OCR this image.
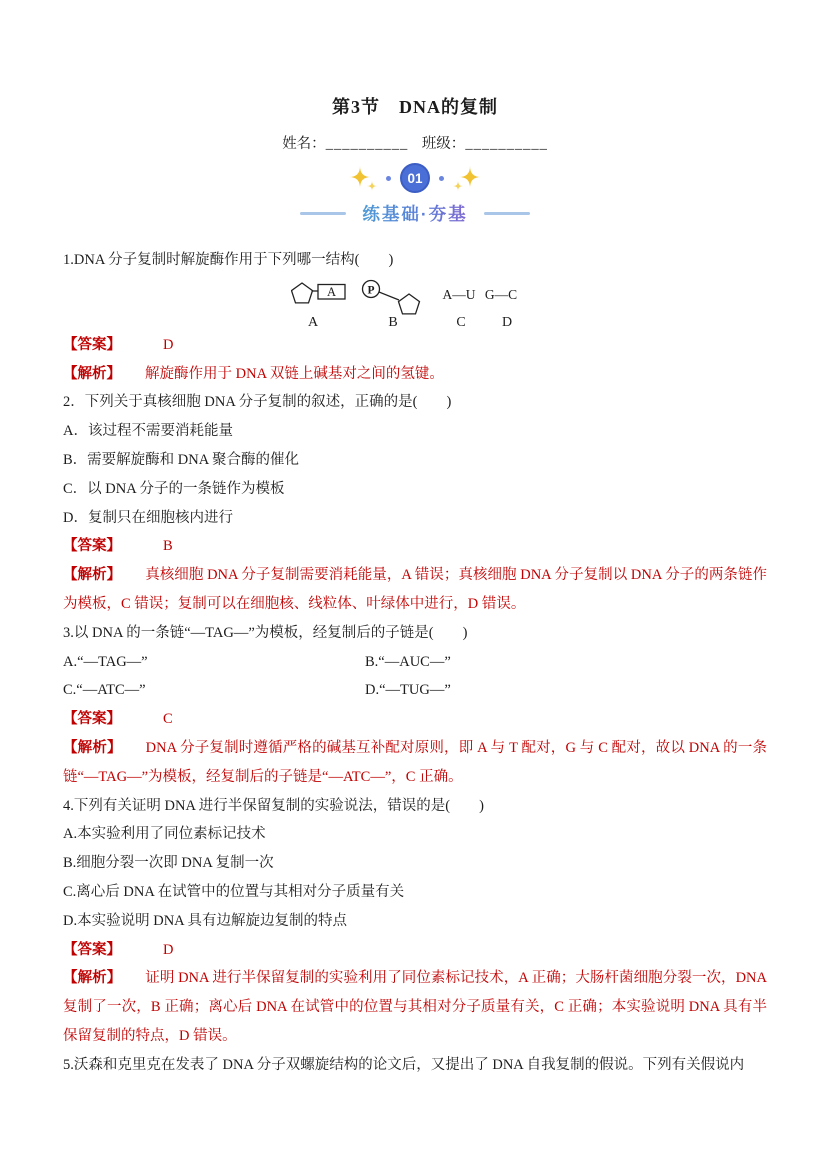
第3节　DNA的复制
姓名：__________ 班级：__________
01
练基础·夯基

1.DNA 分子复制时解旋酶作用于下列哪一结构(　　)

A
A
P
B
A—U
C
G—C
D

【答案】	D

【解析】 解旋酶作用于 DNA 双链上碱基对之间的氢键。

2．下列关于真核细胞 DNA 分子复制的叙述，正确的是(　　)

A．该过程不需要消耗能量

B．需要解旋酶和 DNA 聚合酶的催化

C．以 DNA 分子的一条链作为模板

D．复制只在细胞核内进行

【答案】	B

【解析】 真核细胞 DNA 分子复制需要消耗能量，A 错误；真核细胞 DNA 分子复制以 DNA 分子的两条链作为模板，C 错误；复制可以在细胞核、线粒体、叶绿体中进行，D 错误。

3.以 DNA 的一条链“—TAG—”为模板，经复制后的子链是(　　)

A.“—TAG—”	B.“—AUC—”

C.“—ATC—”	D.“—TUG—”

【答案】	C

【解析】 DNA 分子复制时遵循严格的碱基互补配对原则，即 A 与 T 配对，G 与 C 配对，故以 DNA 的一条链“—TAG—”为模板，经复制后的子链是“—ATC—”，C 正确。

4.下列有关证明 DNA 进行半保留复制的实验说法，错误的是(　　)

A.本实验利用了同位素标记技术

B.细胞分裂一次即 DNA 复制一次

C.离心后 DNA 在试管中的位置与其相对分子质量有关

D.本实验说明 DNA 具有边解旋边复制的特点

【答案】	D

【解析】 证明 DNA 进行半保留复制的实验利用了同位素标记技术，A 正确；大肠杆菌细胞分裂一次，DNA 复制了一次，B 正确；离心后 DNA 在试管中的位置与其相对分子质量有关，C 正确；本实验说明 DNA 具有半保留复制的特点，D 错误。

5.沃森和克里克在发表了 DNA 分子双螺旋结构的论文后，又提出了 DNA 自我复制的假说。下列有关假说内
